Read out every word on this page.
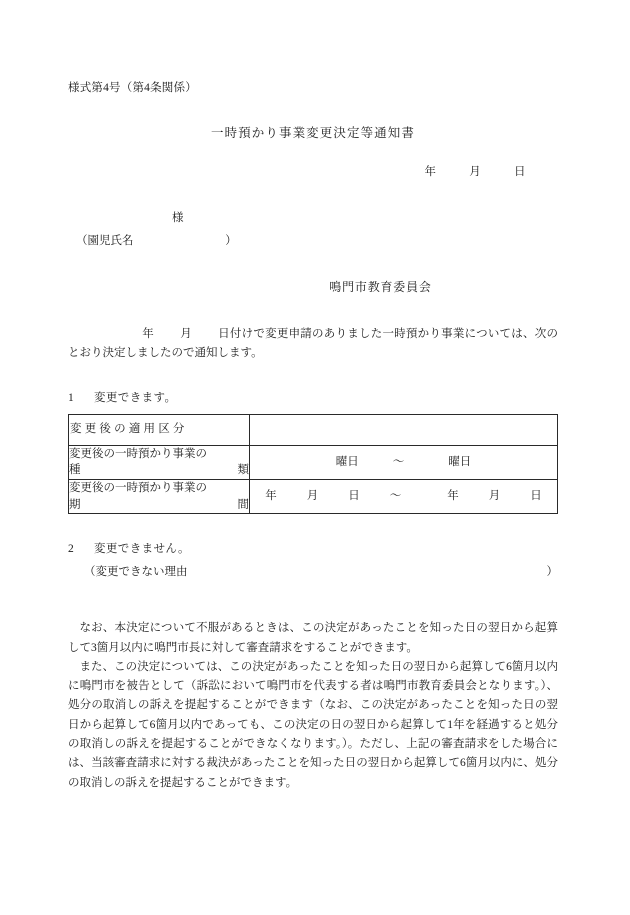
様式第4号（第4条関係）
一時預かり事業変更決定等通知書
年	月	日
様
（園児氏名	）
鳴門市教育委員会
年 月 日付けで変更申請のありました一時預かり事業については、次のとおり決定しましたので通知します。
1 変更できます。
変更後の適用区分	

変更後の一時預かり事業の
種 類	曜日 ～ 曜日
変更後の一時預かり事業の
期 間	年 月 日 ～ 年 月 日
2 変更できません。
（変更できない理由	）

なお、本決定について不服があるときは、この決定があったことを知った日の翌日から起算して3箇月以内に鳴門市長に対して審査請求をすることができます。

また、この決定については、この決定があったことを知った日の翌日から起算して6箇月以内に鳴門市を被告として（訴訟において鳴門市を代表する者は鳴門市教育委員会となります。）、処分の取消しの訴えを提起することができます（なお、この決定があったことを知った日の翌日から起算して6箇月以内であっても、この決定の日の翌日から起算して1年を経過すると処分の取消しの訴えを提起することができなくなります。）。ただし、上記の審査請求をした場合には、当該審査請求に対する裁決があったことを知った日の翌日から起算して6箇月以内に、処分の取消しの訴えを提起することができます。
